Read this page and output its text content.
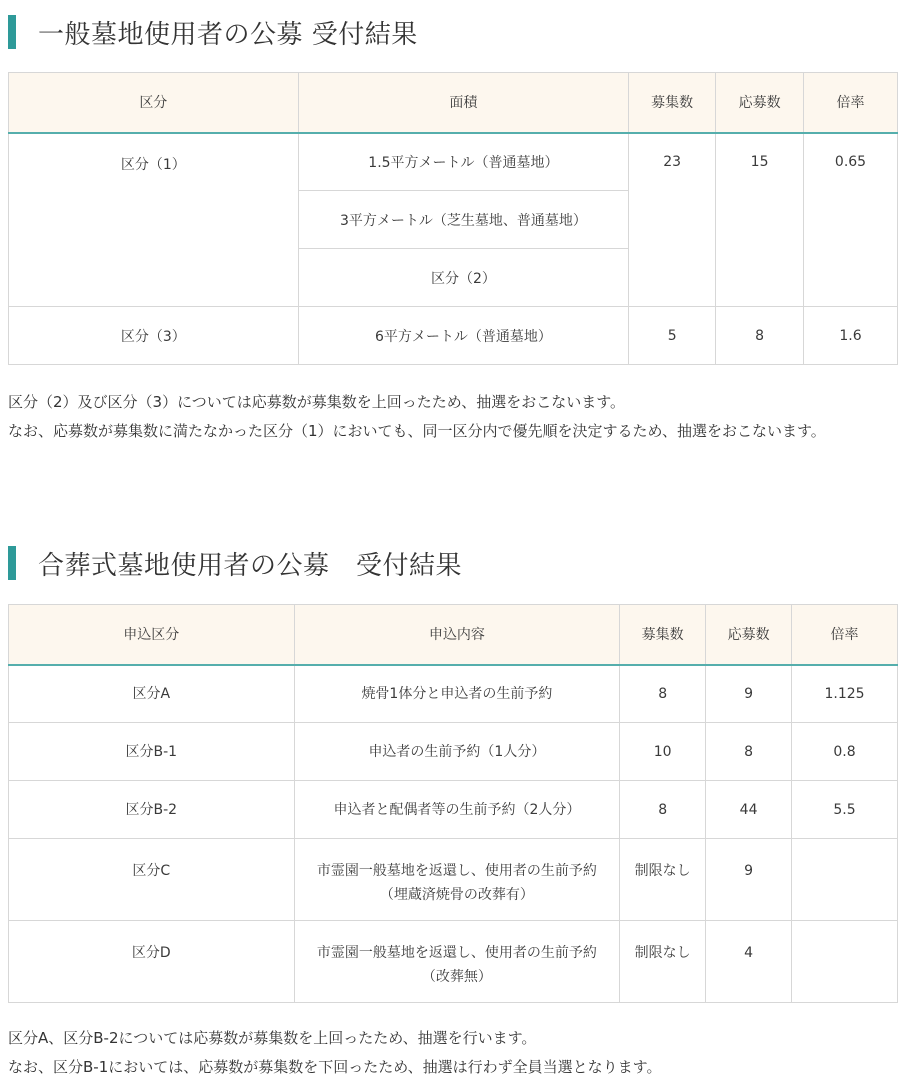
一般墓地使用者の公募 受付結果
区分	面積	募集数	応募数	倍率
区分（1）	1.5平方メートル（普通墓地）	23	15	0.65
	3平方メートル（芝生墓地、普通墓地）			
	区分（2）			
区分（3）	6平方メートル（普通墓地）	5	8	1.6

区分（2）及び区分（3）については応募数が募集数を上回ったため、抽選をおこないます。

なお、応募数が募集数に満たなかった区分（1）においても、同一区分内で優先順を決定するため、抽選をおこないます。

合葬式墓地使用者の公募　受付結果
申込区分	申込内容	募集数	応募数	倍率
区分A	焼骨1体分と申込者の生前予約	8	9	1.125
区分B-1	申込者の生前予約（1人分）	10	8	0.8
区分B-2	申込者と配偶者等の生前予約（2人分）	8	44	5.5
区分C	市霊園一般墓地を返還し、使用者の生前予約 （埋蔵済焼骨の改葬有）	制限なし	9	
区分D	市霊園一般墓地を返還し、使用者の生前予約 （改葬無）	制限なし	4	

区分A、区分B-2については応募数が募集数を上回ったため、抽選を行います。

なお、区分B-1においては、応募数が募集数を下回ったため、抽選は行わず全員当選となります。
